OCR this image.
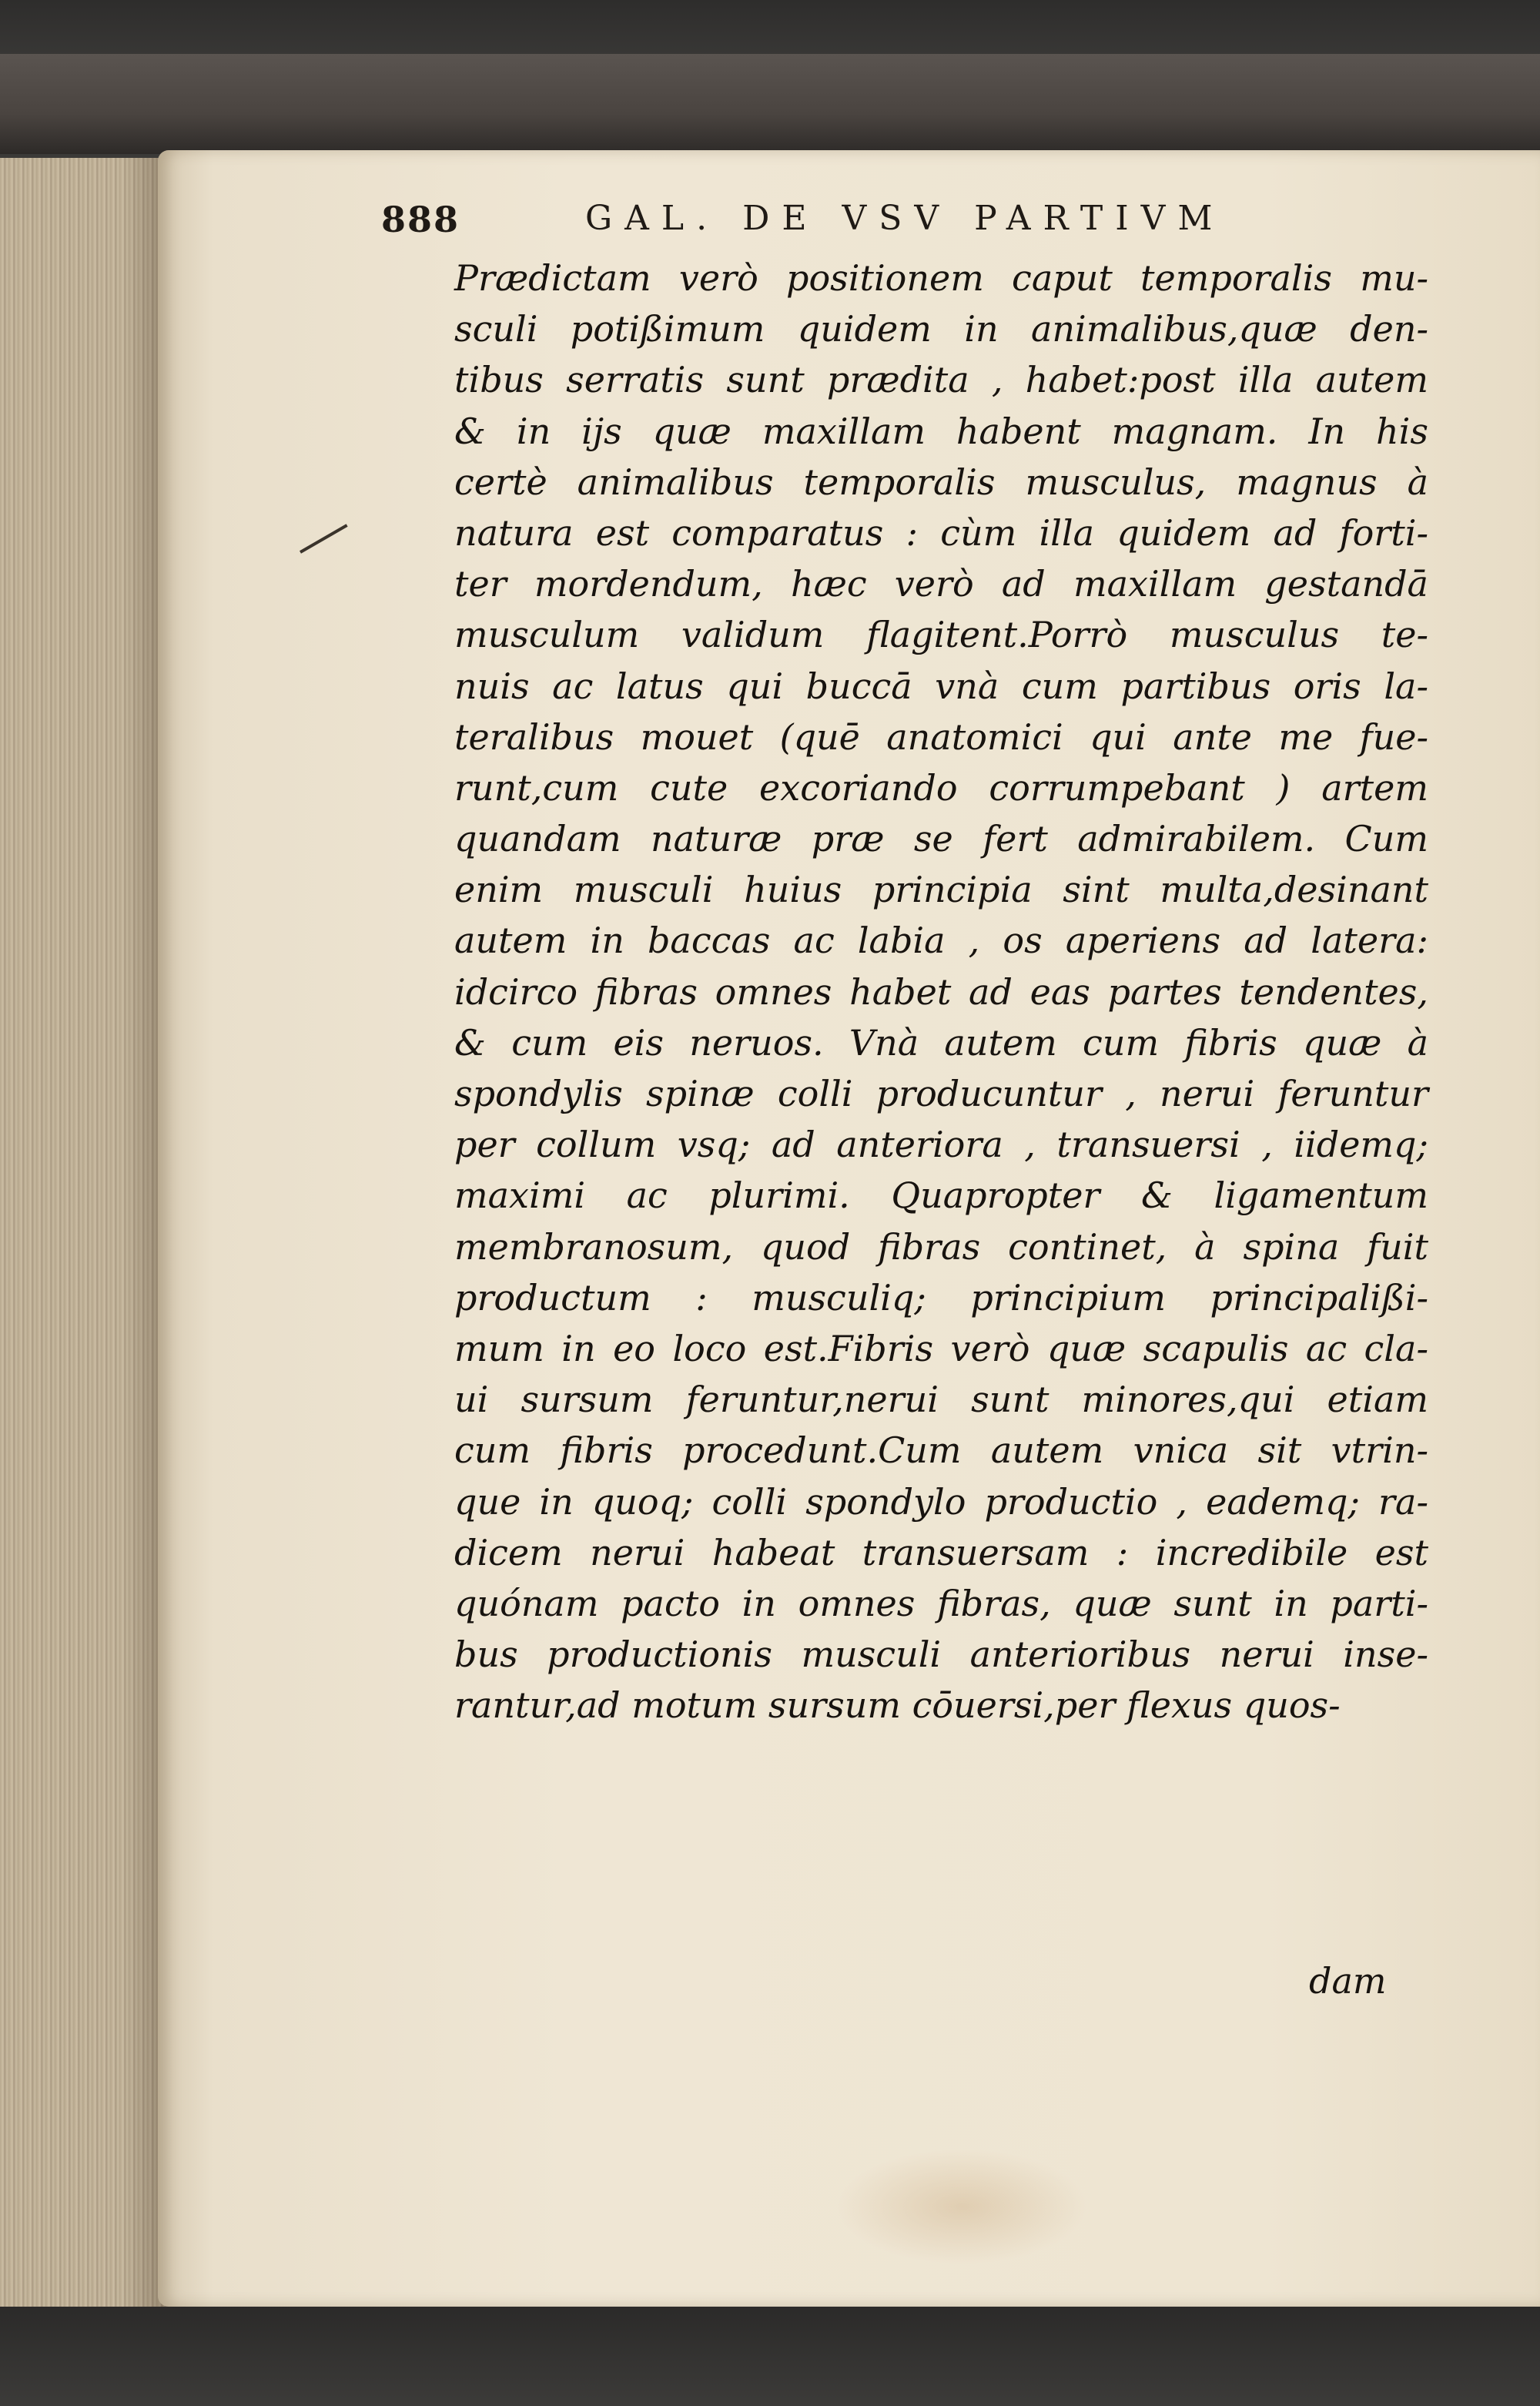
888	GAL. DE VSV PARTIVM
Prædictam verò positionem caput temporalis mu-
sculi potißimum quidem in animalibus,quæ den-
tibus serratis sunt prædita , habet:post illa autem
& in ijs quæ maxillam habent magnam. In his
certè animalibus temporalis musculus, magnus à
natura est comparatus : cùm illa quidem ad forti-
ter mordendum, hæc verò ad maxillam gestandā
musculum validum flagitent.Porrò musculus te-
nuis ac latus qui buccā vnà cum partibus oris la-
teralibus mouet (quē anatomici qui ante me fue-
runt,cum cute excoriando corrumpebant ) artem
quandam naturæ præ se fert admirabilem. Cum
enim musculi huius principia sint multa,desinant
autem in baccas ac labia , os aperiens ad latera:
idcirco fibras omnes habet ad eas partes tendentes,
& cum eis neruos. Vnà autem cum fibris quæ à
spondylis spinæ colli producuntur , nerui feruntur
per collum vsq; ad anteriora , transuersi , iidemq;
maximi ac plurimi. Quapropter & ligamentum
membranosum, quod fibras continet, à spina fuit
productum : musculiq; principium principalißi-
mum in eo loco est.Fibris verò quæ scapulis ac cla-
ui sursum feruntur,nerui sunt minores,qui etiam
cum fibris procedunt.Cum autem vnica sit vtrin-
que in quoq; colli spondylo productio , eademq; ra-
dicem nerui habeat transuersam : incredibile est
quónam pacto in omnes fibras, quæ sunt in parti-
bus productionis musculi anterioribus nerui inse-
rantur,ad motum sursum cōuersi,per flexus quos-
dam
